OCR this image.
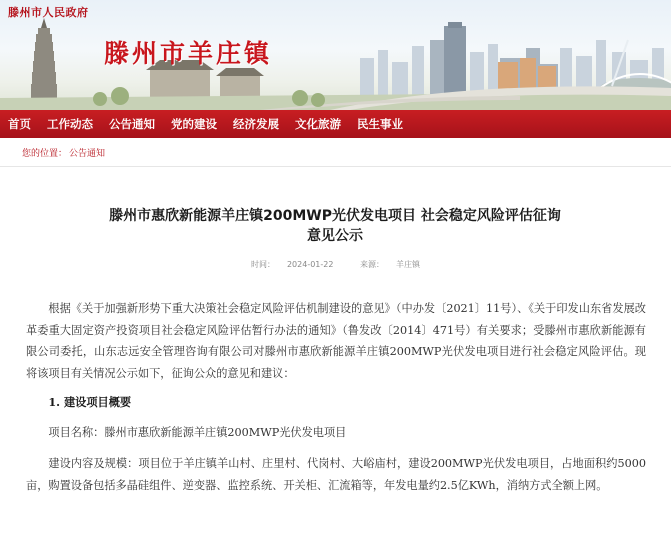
滕州市人民政府
滕州市羊庄镇
首页 工作动态 公告通知 党的建设 经济发展 文化旅游 民生事业
您的位置： 公告通知
滕州市惠欣新能源羊庄镇200MWP光伏发电项目 社会稳定风险评估征询
意见公示
时间： 2024-01-22	来源： 羊庄镇

根据《关于加强新形势下重大决策社会稳定风险评估机制建设的意见》（中办发〔2021〕11号）、《关于印发山东省发展改革委重大固定资产投资项目社会稳定风险评估暂行办法的通知》（鲁发改〔2014〕471号）有关要求；受滕州市惠欣新能源有限公司委托，山东志远安全管理咨询有限公司对滕州市惠欣新能源羊庄镇200MWP光伏发电项目进行社会稳定风险评估。现将该项目有关情况公示如下，征询公众的意见和建议：

1. 建设项目概要

项目名称：滕州市惠欣新能源羊庄镇200MWP光伏发电项目

建设内容及规模：项目位于羊庄镇羊山村、庄里村、代岗村、大峪庙村，建设200MWP光伏发电项目，占地面积约5000亩，购置设备包括多晶硅组件、逆变器、监控系统、开关柜、汇流箱等，年发电量约2.5亿KWh，消纳方式全额上网。
